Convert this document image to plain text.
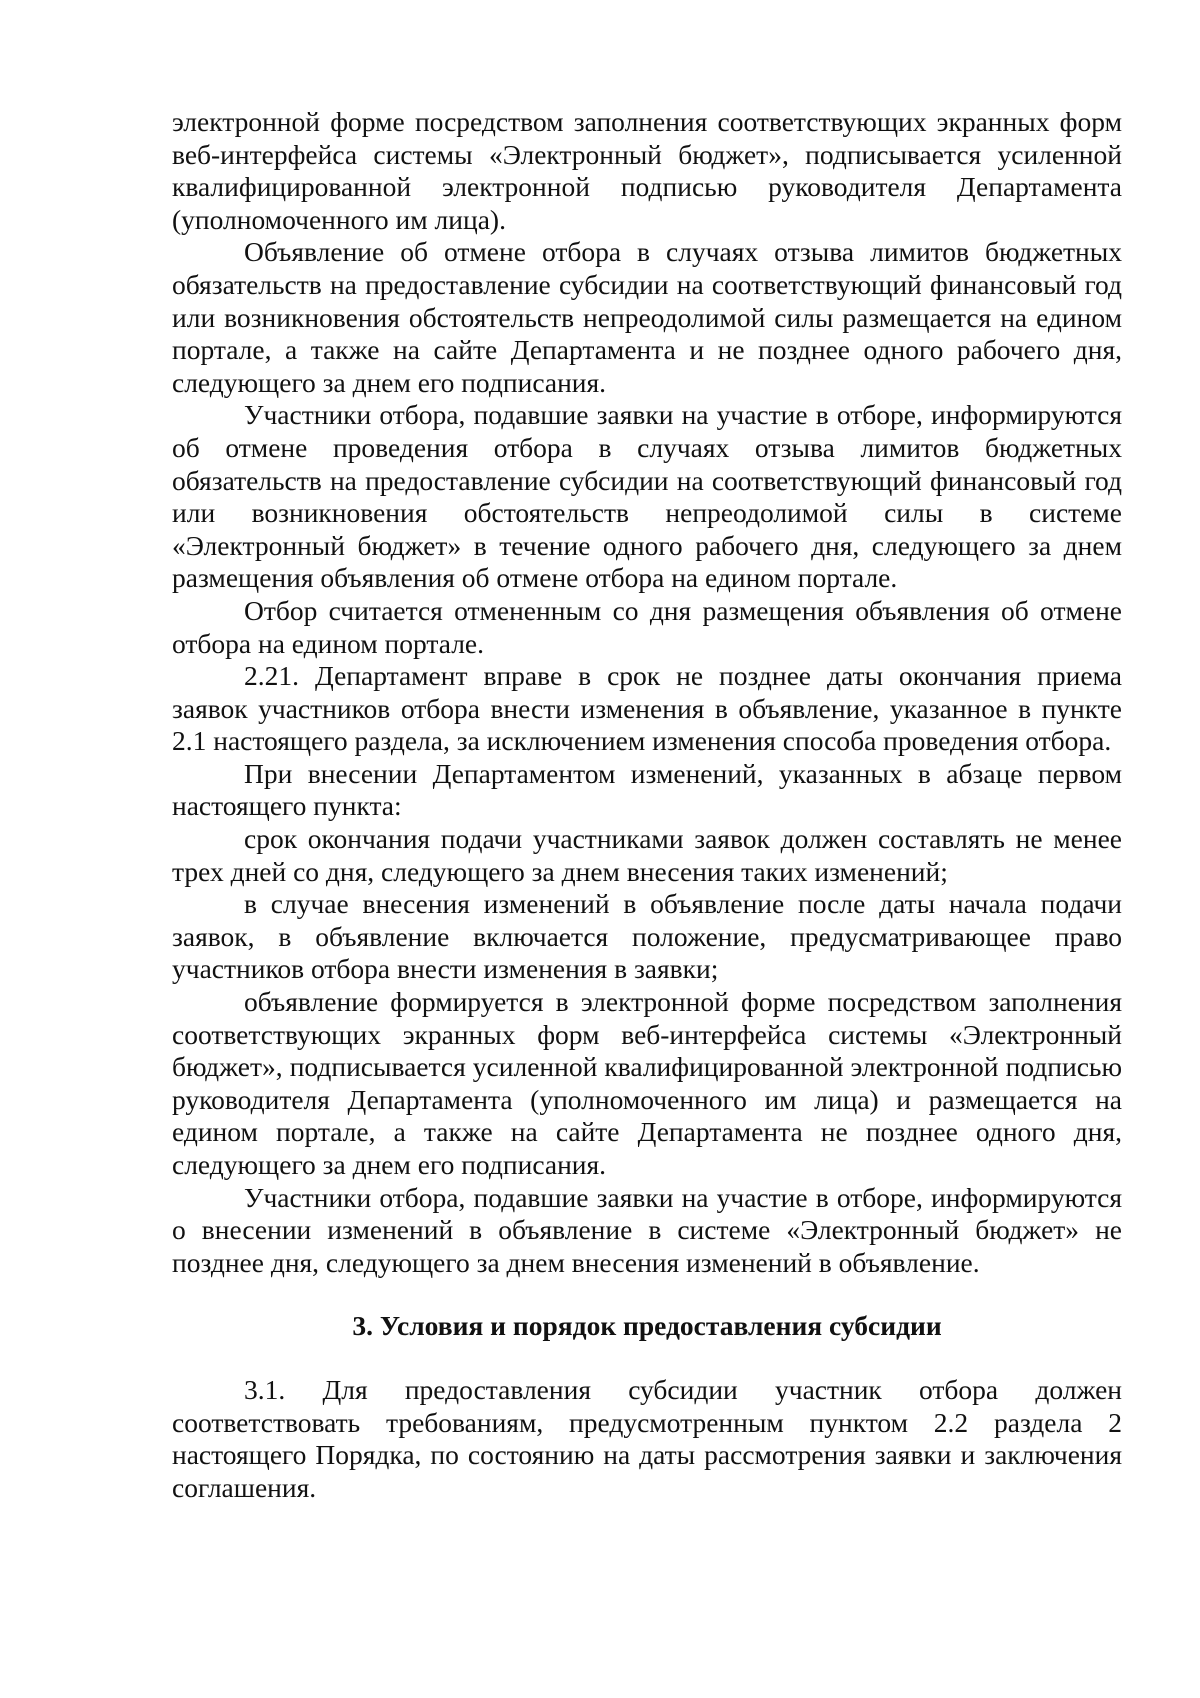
электронной форме посредством заполнения соответствующих экранных форм веб-интерфейса системы «Электронный бюджет», подписывается усиленной квалифицированной электронной подписью руководителя Департамента (уполномоченного им лица).

Объявление об отмене отбора в случаях отзыва лимитов бюджетных обязательств на предоставление субсидии на соответствующий финансовый год или возникновения обстоятельств непреодолимой силы размещается на едином портале, а также на сайте Департамента и не позднее одного рабочего дня, следующего за днем его подписания.

Участники отбора, подавшие заявки на участие в отборе, информируются об отмене проведения отбора в случаях отзыва лимитов бюджетных обязательств на предоставление субсидии на соответствующий финансовый год или возникновения обстоятельств непреодолимой силы в системе «Электронный бюджет» в течение одного рабочего дня, следующего за днем размещения объявления об отмене отбора на едином портале.

Отбор считается отмененным со дня размещения объявления об отмене отбора на едином портале.

2.21. Департамент вправе в срок не позднее даты окончания приема заявок участников отбора внести изменения в объявление, указанное в пункте 2.1 настоящего раздела, за исключением изменения способа проведения отбора.

При внесении Департаментом изменений, указанных в абзаце первом настоящего пункта:

срок окончания подачи участниками заявок должен составлять не менее трех дней со дня, следующего за днем внесения таких изменений;

в случае внесения изменений в объявление после даты начала подачи заявок, в объявление включается положение, предусматривающее право участников отбора внести изменения в заявки;

объявление формируется в электронной форме посредством заполнения соответствующих экранных форм веб-интерфейса системы «Электронный бюджет», подписывается усиленной квалифицированной электронной подписью руководителя Департамента (уполномоченного им лица) и размещается на едином портале, а также на сайте Департамента не позднее одного дня, следующего за днем его подписания.

Участники отбора, подавшие заявки на участие в отборе, информируются о внесении изменений в объявление в системе «Электронный бюджет» не позднее дня, следующего за днем внесения изменений в объявление.

3. Условия и порядок предоставления субсидии

3.1. Для предоставления субсидии участник отбора должен соответствовать требованиям, предусмотренным пунктом 2.2 раздела 2 настоящего Порядка, по состоянию на даты рассмотрения заявки и заключения соглашения.
